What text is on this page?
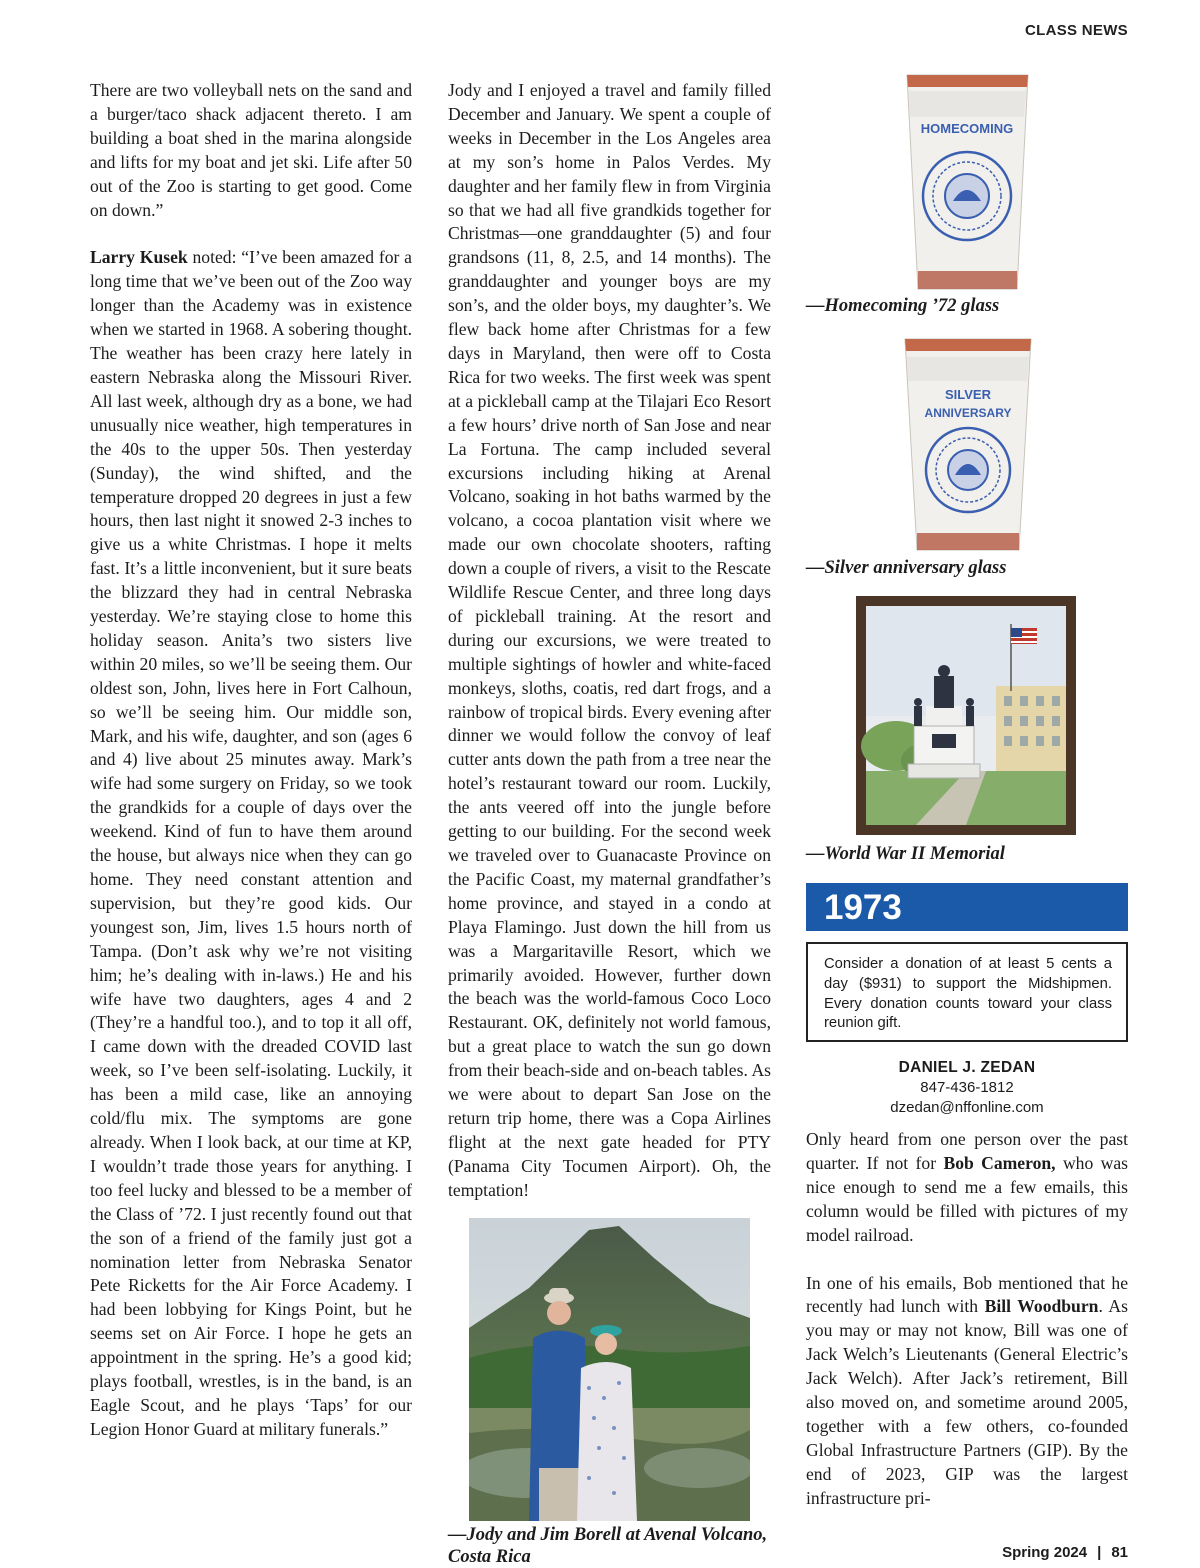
CLASS NEWS

There are two volleyball nets on the sand and a burger/taco shack adjacent thereto. I am building a boat shed in the marina alongside and lifts for my boat and jet ski. Life after 50 out of the Zoo is starting to get good. Come on down.”

Larry Kusek noted: “I’ve been amazed for a long time that we’ve been out of the Zoo way longer than the Academy was in existence when we started in 1968. A sobering thought. The weather has been crazy here lately in eastern Nebraska along the Missouri River. All last week, although dry as a bone, we had unusually nice weather, high temperatures in the 40s to the upper 50s. Then yesterday (Sunday), the wind shifted, and the temperature dropped 20 degrees in just a few hours, then last night it snowed 2-3 inches to give us a white Christmas. I hope it melts fast. It’s a little inconvenient, but it sure beats the blizzard they had in central Nebraska yesterday. We’re staying close to home this holiday season. Anita’s two sisters live within 20 miles, so we’ll be seeing them. Our oldest son, John, lives here in Fort Calhoun, so we’ll be seeing him. Our middle son, Mark, and his wife, daughter, and son (ages 6 and 4) live about 25 minutes away. Mark’s wife had some surgery on Friday, so we took the grandkids for a couple of days over the weekend. Kind of fun to have them around the house, but always nice when they can go home. They need constant attention and supervision, but they’re good kids. Our youngest son, Jim, lives 1.5 hours north of Tampa. (Don’t ask why we’re not visiting him; he’s dealing with in-laws.) He and his wife have two daughters, ages 4 and 2 (They’re a handful too.), and to top it all off, I came down with the dreaded COVID last week, so I’ve been self-isolating. Luckily, it has been a mild case, like an annoying cold/flu mix. The symptoms are gone already. When I look back, at our time at KP, I wouldn’t trade those years for anything. I too feel lucky and blessed to be a member of the Class of ’72. I just recently found out that the son of a friend of the family just got a nomination letter from Nebraska Senator Pete Ricketts for the Air Force Academy. I had been lobbying for Kings Point, but he seems set on Air Force. I hope he gets an appointment in the spring. He’s a good kid; plays football, wrestles, is in the band, is an Eagle Scout, and he plays ‘Taps’ for our Legion Honor Guard at military funerals.”

Jody and I enjoyed a travel and family filled December and January. We spent a couple of weeks in December in the Los Angeles area at my son’s home in Palos Verdes. My daughter and her family flew in from Virginia so that we had all five grandkids together for Christmas—one granddaughter (5) and four grandsons (11, 8, 2.5, and 14 months). The granddaughter and younger boys are my son’s, and the older boys, my daughter’s. We flew back home after Christmas for a few days in Maryland, then were off to Costa Rica for two weeks. The first week was spent at a pickleball camp at the Tilajari Eco Resort a few hours’ drive north of San Jose and near La Fortuna. The camp included several excursions including hiking at Arenal Volcano, soaking in hot baths warmed by the volcano, a cocoa plantation visit where we made our own chocolate shooters, rafting down a couple of rivers, a visit to the Rescate Wildlife Rescue Center, and three long days of pickleball training. At the resort and during our excursions, we were treated to multiple sightings of howler and white-faced monkeys, sloths, coatis, red dart frogs, and a rainbow of tropical birds. Every evening after dinner we would follow the convoy of leaf cutter ants down the path from a tree near the hotel’s restaurant toward our room. Luckily, the ants veered off into the jungle before getting to our building. For the second week we traveled over to Guanacaste Province on the Pacific Coast, my maternal grandfather’s home province, and stayed in a condo at Playa Flamingo. Just down the hill from us was a Margaritaville Resort, which we primarily avoided. However, further down the beach was the world-famous Coco Loco Restaurant. OK, definitely not world famous, but a great place to watch the sun go down from their beach-side and on-beach tables. As we were about to depart San Jose on the return trip home, there was a Copa Airlines flight at the next gate headed for PTY (Panama City Tocumen Airport). Oh, the temptation!

—Jody and Jim Borell at Avenal Volcano,
Costa Rica
HOMECOMING
—Homecoming ’72 glass
SILVER
ANNIVERSARY
—Silver anniversary glass
—World War II Memorial
1973
Consider a donation of at least 5 cents a day ($931) to support the Midshipmen. Every donation counts toward your class reunion gift.
DANIEL J. ZEDAN
847-436-1812
dzedan@nffonline.com

Only heard from one person over the past quarter. If not for Bob Cameron, who was nice enough to send me a few emails, this column would be filled with pictures of my model railroad.

In one of his emails, Bob mentioned that he recently had lunch with Bill Woodburn. As you may or may not know, Bill was one of Jack Welch’s Lieutenants (General Electric’s Jack Welch). After Jack’s retirement, Bill also moved on, and sometime around 2005, together with a few others, co-founded Global Infrastructure Partners (GIP). By the end of 2023, GIP was the largest infrastructure pri-

Spring 2024 | 81
